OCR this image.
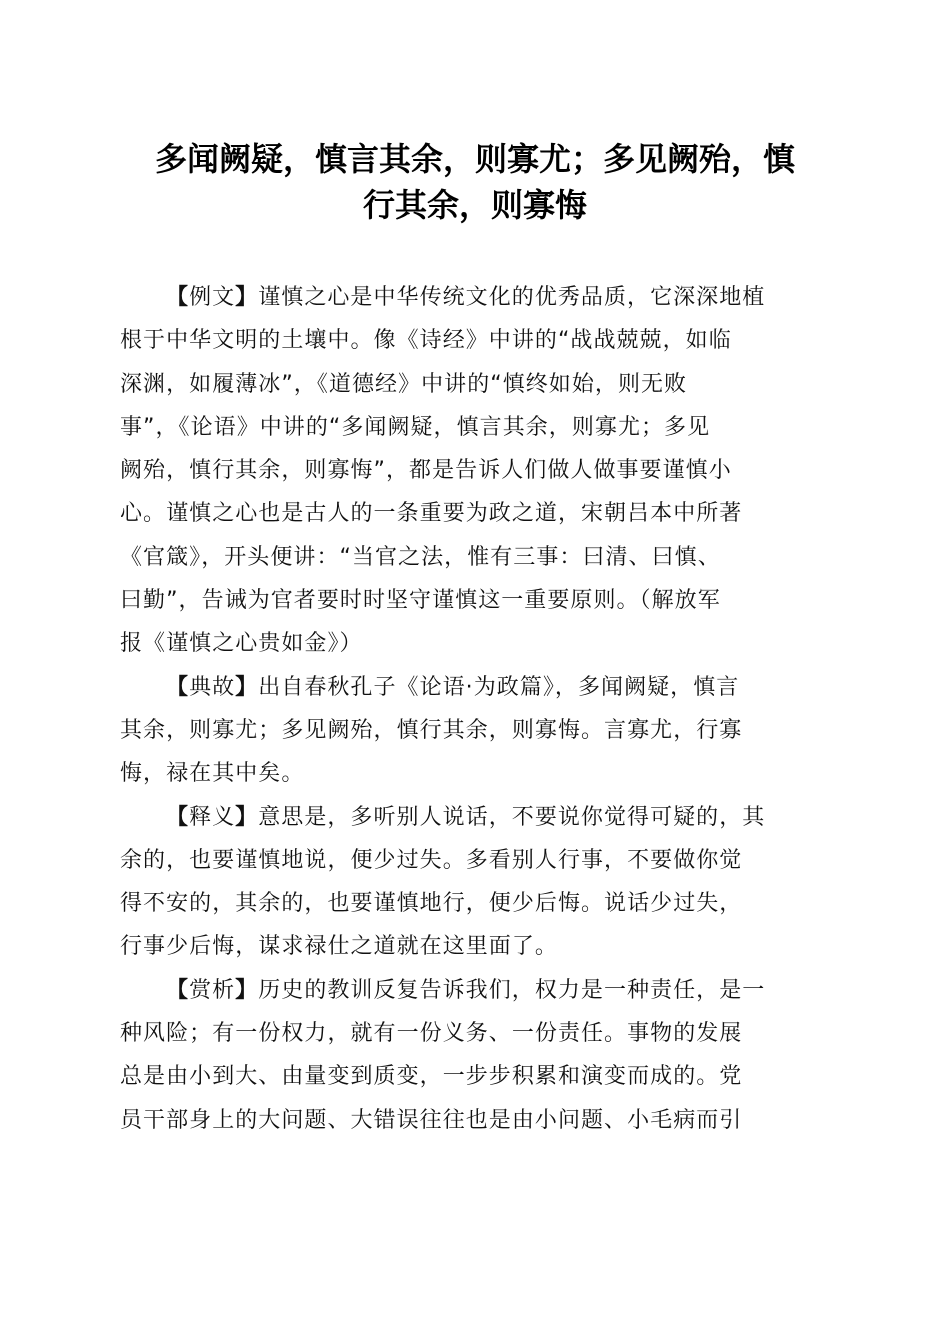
多闻阙疑，慎言其余，则寡尤；多见阙殆，慎
行其余，则寡悔
【例文】谨慎之心是中华传统文化的优秀品质，它深深地植
根于中华文明的土壤中。像《诗经》中讲的“战战兢兢，如临
深渊，如履薄冰”，《道德经》中讲的“慎终如始，则无败
事”，《论语》中讲的“多闻阙疑，慎言其余，则寡尤；多见
阙殆，慎行其余，则寡悔”，都是告诉人们做人做事要谨慎小
心。谨慎之心也是古人的一条重要为政之道，宋朝吕本中所著
《官箴》，开头便讲：“当官之法，惟有三事：曰清、曰慎、
曰勤”，告诫为官者要时时坚守谨慎这一重要原则。（解放军
报《谨慎之心贵如金》）
【典故】出自春秋孔子《论语·为政篇》，多闻阙疑，慎言
其余，则寡尤；多见阙殆，慎行其余，则寡悔。言寡尤，行寡
悔，禄在其中矣。
【释义】意思是，多听别人说话，不要说你觉得可疑的，其
余的，也要谨慎地说，便少过失。多看别人行事，不要做你觉
得不安的，其余的，也要谨慎地行，便少后悔。说话少过失，
行事少后悔，谋求禄仕之道就在这里面了。
【赏析】历史的教训反复告诉我们，权力是一种责任，是一
种风险；有一份权力，就有一份义务、一份责任。事物的发展
总是由小到大、由量变到质变，一步步积累和演变而成的。党
员干部身上的大问题、大错误往往也是由小问题、小毛病而引
